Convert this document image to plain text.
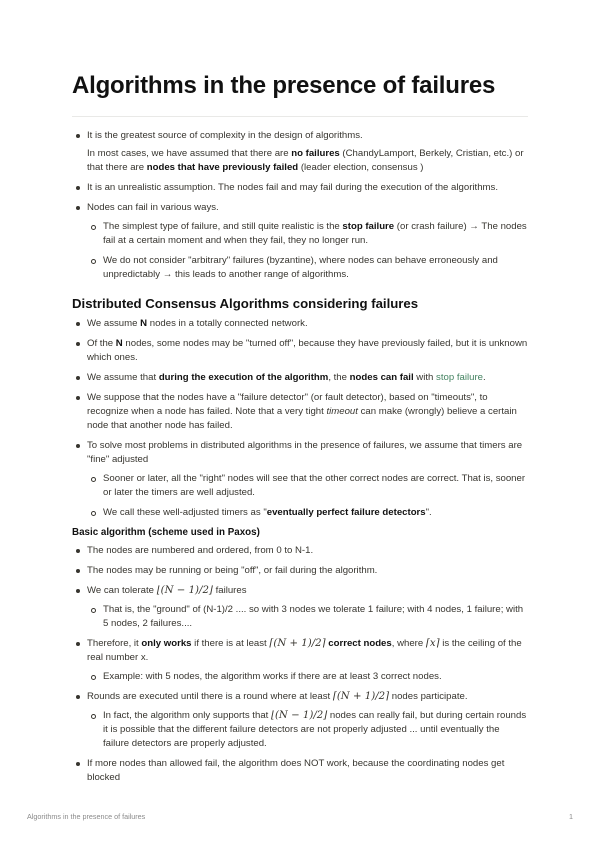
Algorithms in the presence of failures
It is the greatest source of complexity in the design of algorithms.

In most cases, we have assumed that there are no failures (ChandyLamport, Berkely, Cristian, etc.) or that there are nodes that have previously failed (leader election, consensus )

It is an unrealistic assumption. The nodes fail and may fail during the execution of the algorithms.
Nodes can fail in various ways.
The simplest type of failure, and still quite realistic is the stop failure (or crash failure) → The nodes fail at a certain moment and when they fail, they no longer run.
We do not consider "arbitrary" failures (byzantine), where nodes can behave erroneously and unpredictably → this leads to another range of algorithms.
Distributed Consensus Algorithms considering failures
We assume N nodes in a totally connected network.
Of the N nodes, some nodes may be "turned off", because they have previously failed, but it is unknown which ones.
We assume that during the execution of the algorithm, the nodes can fail with stop failure.
We suppose that the nodes have a "failure detector" (or fault detector), based on "timeouts", to recognize when a node has failed. Note that a very tight timeout can make (wrongly) believe a certain node that another node has failed.
To solve most problems in distributed algorithms in the presence of failures, we assume that timers are "fine" adjusted
Sooner or later, all the "right" nodes will see that the other correct nodes are correct. That is, sooner or later the timers are well adjusted.
We call these well-adjusted timers as "eventually perfect failure detectors".
Basic algorithm (scheme used in Paxos)
The nodes are numbered and ordered, from 0 to N-1.
The nodes may be running or being "off", or fail during the algorithm.
We can tolerate ⌊(N − 1)/2⌋ failures
That is, the "ground" of (N-1)/2 .... so with 3 nodes we tolerate 1 failure; with 4 nodes, 1 failure; with 5 nodes, 2 failures....
Therefore, it only works if there is at least ⌈(N + 1)/2⌉ correct nodes, where ⌈x⌉ is the ceiling of the real number x.
Example: with 5 nodes, the algorithm works if there are at least 3 correct nodes.
Rounds are executed until there is a round where at least ⌈(N + 1)/2⌉ nodes participate.
In fact, the algorithm only supports that ⌊(N − 1)/2⌋ nodes can really fail, but during certain rounds it is possible that the different failure detectors are not properly adjusted ... until eventually the failure detectors are properly adjusted.
If more nodes than allowed fail, the algorithm does NOT work, because the coordinating nodes get blocked
Algorithms in the presence of failures	1
